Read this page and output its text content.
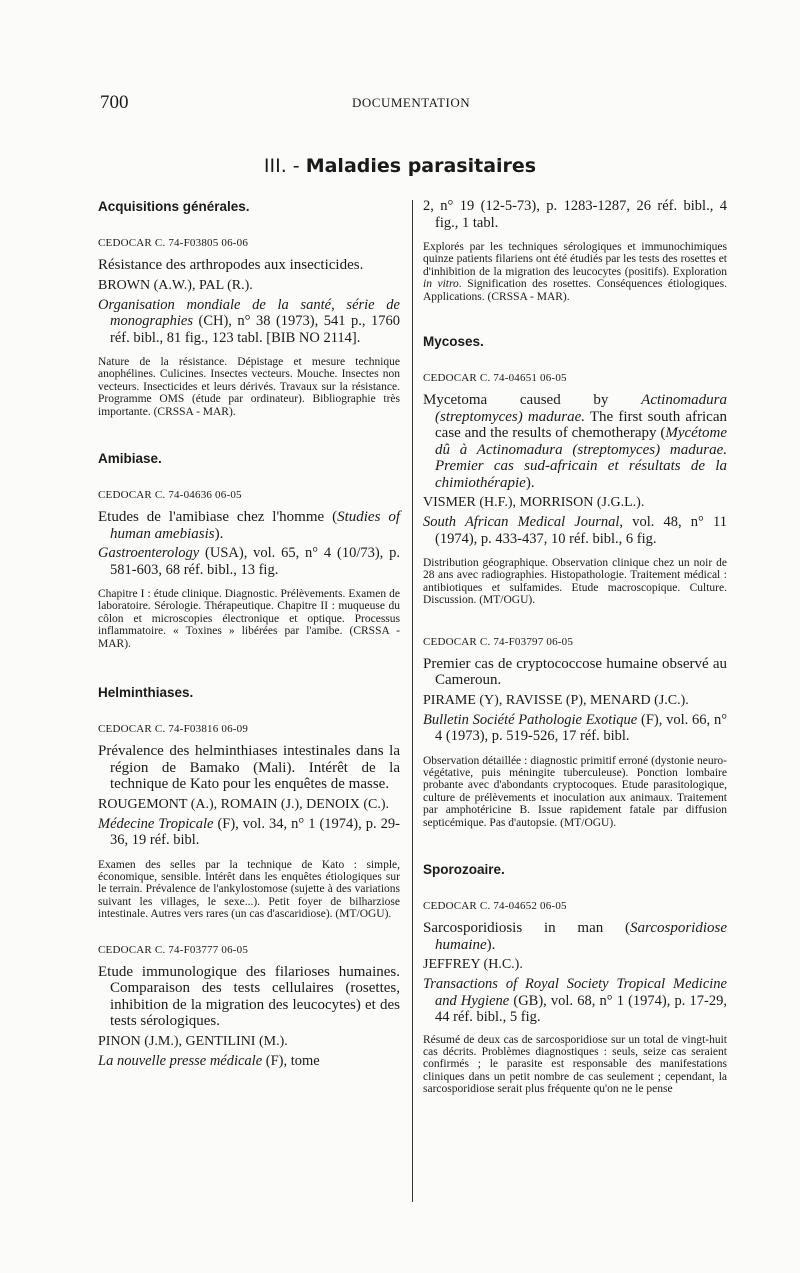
700	DOCUMENTATION
III. - Maladies parasitaires
Acquisitions générales.

CEDOCAR C. 74-F03805 06-06

Résistance des arthropodes aux insecticides.

BROWN (A.W.), PAL (R.).

Organisation mondiale de la santé, série de monographies (CH), n° 38 (1973), 541 p., 1760 réf. bibl., 81 fig., 123 tabl. [BIB NO 2114].

Nature de la résistance. Dépistage et mesure technique anophélines. Culicines. Insectes vecteurs. Mouche. Insectes non vecteurs. Insecticides et leurs dérivés. Travaux sur la résistance. Programme OMS (étude par ordinateur). Bibliographie très importante. (CRSSA - MAR).

Amibiase.

CEDOCAR C. 74-04636 06-05

Etudes de l'amibiase chez l'homme (Studies of human amebiasis).

Gastroenterology (USA), vol. 65, n° 4 (10/73), p. 581-603, 68 réf. bibl., 13 fig.

Chapitre I : étude clinique. Diagnostic. Prélèvements. Examen de laboratoire. Sérologie. Thérapeutique. Chapitre II : muqueuse du côlon et microscopies électronique et optique. Processus inflammatoire. « Toxines » libérées par l'amibe. (CRSSA - MAR).

Helminthiases.

CEDOCAR C. 74-F03816 06-09

Prévalence des helminthiases intestinales dans la région de Bamako (Mali). Intérêt de la technique de Kato pour les enquêtes de masse.

ROUGEMONT (A.), ROMAIN (J.), DENOIX (C.).

Médecine Tropicale (F), vol. 34, n° 1 (1974), p. 29-36, 19 réf. bibl.

Examen des selles par la technique de Kato : simple, économique, sensible. Intérêt dans les enquêtes étiologiques sur le terrain. Prévalence de l'ankylostomose (sujette à des variations suivant les villages, le sexe...). Petit foyer de bilharziose intestinale. Autres vers rares (un cas d'ascaridiose). (MT/OGU).

CEDOCAR C. 74-F03777 06-05

Etude immunologique des filarioses humaines. Comparaison des tests cellulaires (rosettes, inhibition de la migration des leucocytes) et des tests sérologiques.

PINON (J.M.), GENTILINI (M.).

La nouvelle presse médicale (F), tome

2, n° 19 (12-5-73), p. 1283-1287, 26 réf. bibl., 4 fig., 1 tabl.

Explorés par les techniques sérologiques et immunochimiques quinze patients filariens ont été étudiés par les tests des rosettes et d'inhibition de la migration des leucocytes (positifs). Exploration in vitro. Signification des rosettes. Conséquences étiologiques. Applications. (CRSSA - MAR).

Mycoses.

CEDOCAR C. 74-04651 06-05

Mycetoma caused by Actinomadura (streptomyces) madurae. The first south african case and the results of chemotherapy (Mycétome dû à Actinomadura (streptomyces) madurae. Premier cas sud-africain et résultats de la chimiothérapie).

VISMER (H.F.), MORRISON (J.G.L.).

South African Medical Journal, vol. 48, n° 11 (1974), p. 433-437, 10 réf. bibl., 6 fig.

Distribution géographique. Observation clinique chez un noir de 28 ans avec radiographies. Histopathologie. Traitement médical : antibiotiques et sulfamides. Etude macroscopique. Culture. Discussion. (MT/OGU).

CEDOCAR C. 74-F03797 06-05

Premier cas de cryptococcose humaine observé au Cameroun.

PIRAME (Y), RAVISSE (P), MENARD (J.C.).

Bulletin Société Pathologie Exotique (F), vol. 66, n° 4 (1973), p. 519-526, 17 réf. bibl.

Observation détaillée : diagnostic primitif erroné (dystonie neuro-végétative, puis méningite tuberculeuse). Ponction lombaire probante avec d'abondants cryptocoques. Etude parasitologique, culture de prélèvements et inoculation aux animaux. Traitement par amphotéricine B. Issue rapidement fatale par diffusion septicémique. Pas d'autopsie. (MT/OGU).

Sporozoaire.

CEDOCAR C. 74-04652 06-05

Sarcosporidiosis in man (Sarcosporidiose humaine).

JEFFREY (H.C.).

Transactions of Royal Society Tropical Medicine and Hygiene (GB), vol. 68, n° 1 (1974), p. 17-29, 44 réf. bibl., 5 fig.

Résumé de deux cas de sarcosporidiose sur un total de vingt-huit cas décrits. Problèmes diagnostiques : seuls, seize cas seraient confirmés ; le parasite est responsable des manifestations cliniques dans un petit nombre de cas seulement ; cependant, la sarcosporidiose serait plus fréquente qu'on ne le pense
